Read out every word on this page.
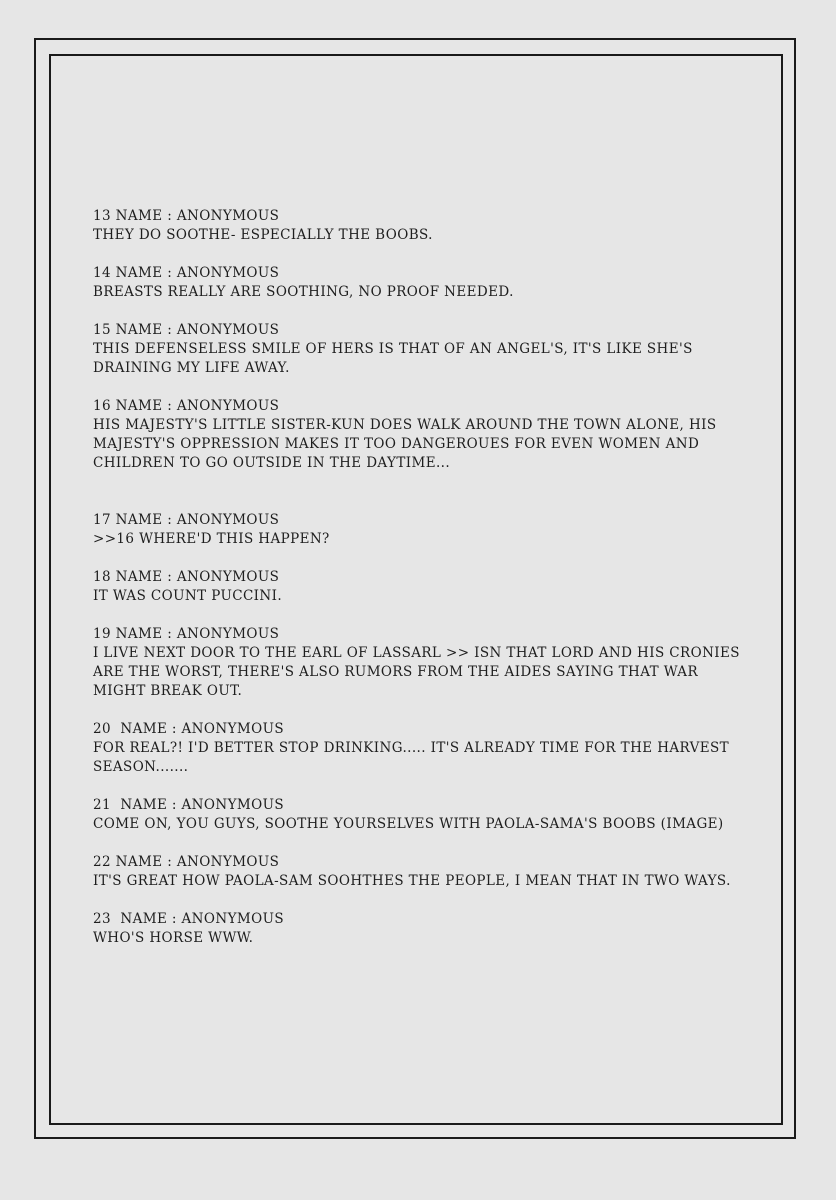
13 NAME : ANONYMOUS
THEY DO SOOTHE- ESPECIALLY THE BOOBS.
14 NAME : ANONYMOUS
BREASTS REALLY ARE SOOTHING, NO PROOF NEEDED.
15 NAME : ANONYMOUS
THIS DEFENSELESS SMILE OF HERS IS THAT OF AN ANGEL'S, IT'S LIKE SHE'S DRAINING MY LIFE AWAY.
16 NAME : ANONYMOUS
HIS MAJESTY'S LITTLE SISTER-KUN DOES WALK AROUND THE TOWN ALONE, HIS MAJESTY'S OPPRESSION MAKES IT TOO DANGEROUES FOR EVEN WOMEN AND CHILDREN TO GO OUTSIDE IN THE DAYTIME...
17 NAME : ANONYMOUS
>>16 WHERE'D THIS HAPPEN?
18 NAME : ANONYMOUS
IT WAS COUNT PUCCINI.
19 NAME : ANONYMOUS
I LIVE NEXT DOOR TO THE EARL OF LASSARL >> ISN THAT LORD AND HIS CRONIES ARE THE WORST, THERE'S ALSO RUMORS FROM THE AIDES SAYING THAT WAR MIGHT BREAK OUT.
20  NAME : ANONYMOUS
FOR REAL?! I'D BETTER STOP DRINKING..... IT'S ALREADY TIME FOR THE HARVEST SEASON.......
21  NAME : ANONYMOUS
COME ON, YOU GUYS, SOOTHE YOURSELVES WITH PAOLA-SAMA'S BOOBS (IMAGE)
22 NAME : ANONYMOUS
IT'S GREAT HOW PAOLA-SAM SOOHTHES THE PEOPLE, I MEAN THAT IN TWO WAYS.
23  NAME : ANONYMOUS
WHO'S HORSE WWW.
